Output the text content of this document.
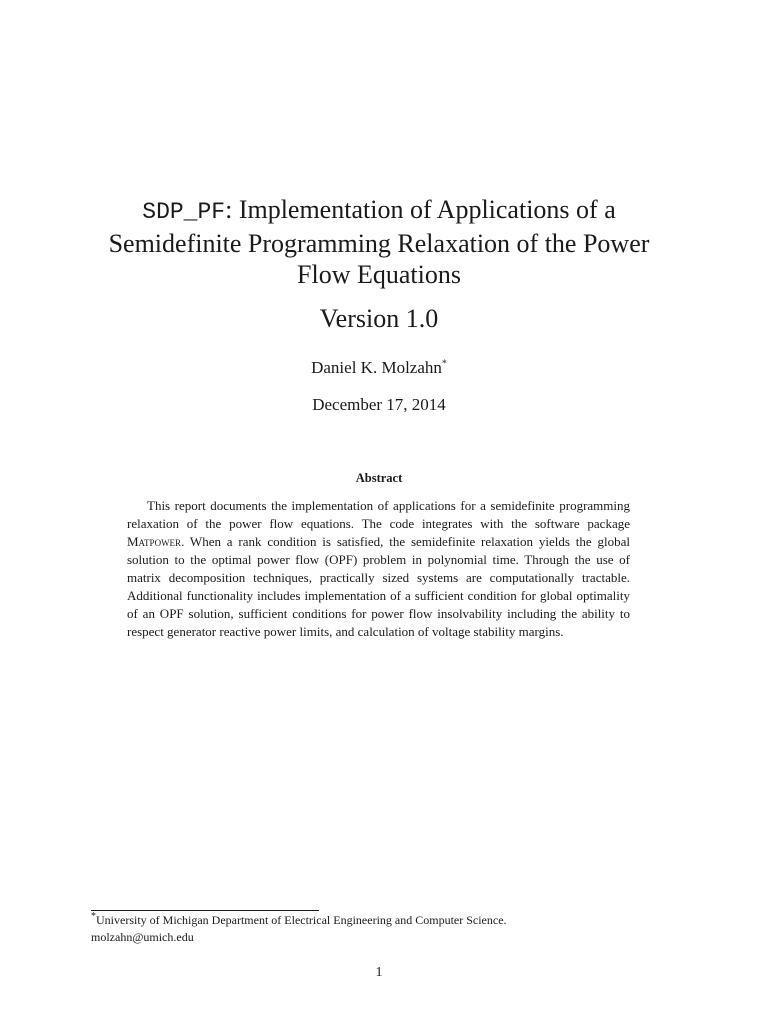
SDP_PF: Implementation of Applications of a Semidefinite Programming Relaxation of the Power Flow Equations
Version 1.0
Daniel K. Molzahn*
December 17, 2014
Abstract
This report documents the implementation of applications for a semidefinite programming relaxation of the power flow equations. The code integrates with the software package Matpower. When a rank condition is satisfied, the semidefinite relaxation yields the global solution to the optimal power flow (OPF) problem in polynomial time. Through the use of matrix decomposition techniques, practically sized systems are computationally tractable. Additional functionality includes implementation of a sufficient condition for global optimality of an OPF solution, sufficient conditions for power flow insolvability including the ability to respect generator reactive power limits, and calculation of voltage stability margins.
*University of Michigan Department of Electrical Engineering and Computer Science.
molzahn@umich.edu
1
